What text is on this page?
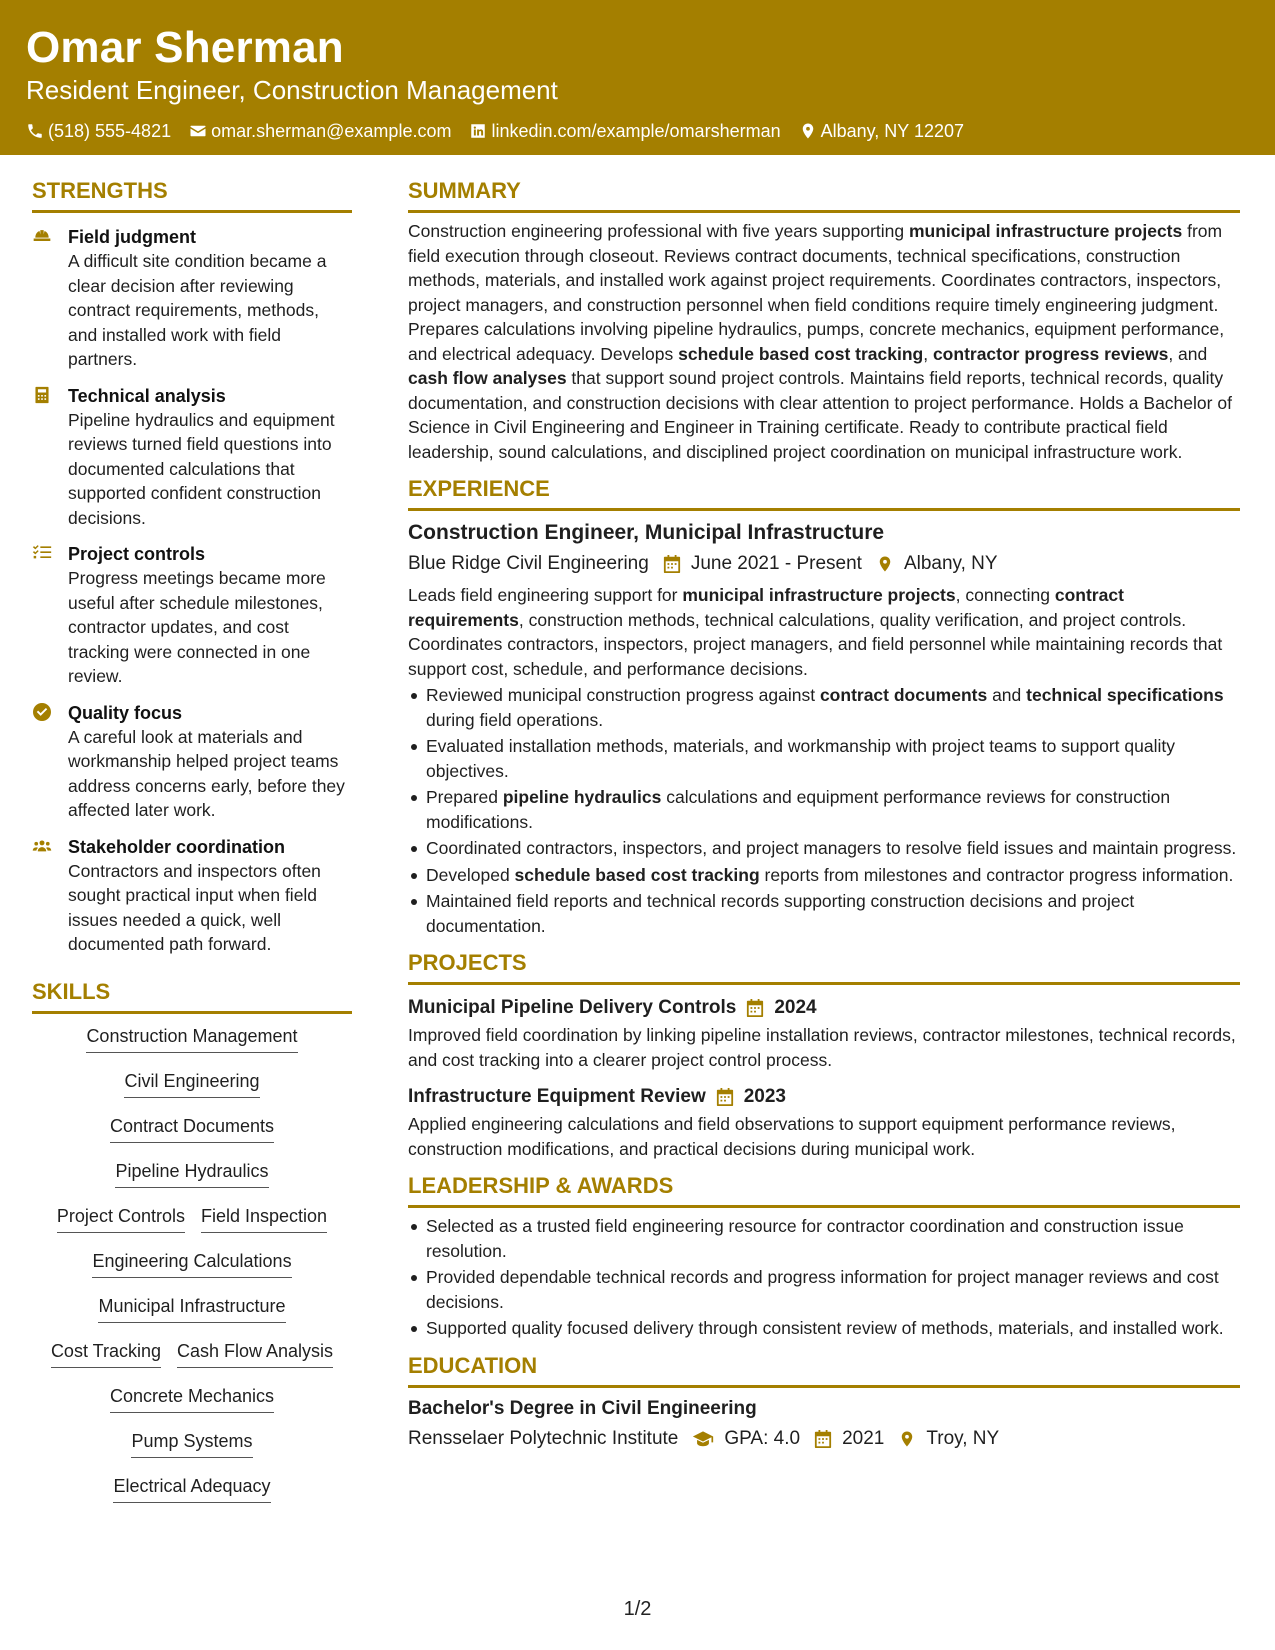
Omar Sherman
Resident Engineer, Construction Management
(518) 555-4821 omar.sherman@example.com linkedin.com/example/omarsherman Albany, NY 12207
STRENGTHS
Field judgment
A difficult site condition became a clear decision after reviewing contract requirements, methods, and installed work with field partners.
Technical analysis
Pipeline hydraulics and equipment reviews turned field questions into documented calculations that supported confident construction decisions.
Project controls
Progress meetings became more useful after schedule milestones, contractor updates, and cost tracking were connected in one review.
Quality focus
A careful look at materials and workmanship helped project teams address concerns early, before they affected later work.
Stakeholder coordination
Contractors and inspectors often sought practical input when field issues needed a quick, well documented path forward.
SKILLS
Construction Management
Civil Engineering
Contract Documents
Pipeline Hydraulics
Project Controls Field Inspection
Engineering Calculations
Municipal Infrastructure
Cost Tracking Cash Flow Analysis
Concrete Mechanics
Pump Systems
Electrical Adequacy
SUMMARY

Construction engineering professional with five years supporting municipal infrastructure projects from field execution through closeout. Reviews contract documents, technical specifications, construction methods, materials, and installed work against project requirements. Coordinates contractors, inspectors, project managers, and construction personnel when field conditions require timely engineering judgment. Prepares calculations involving pipeline hydraulics, pumps, concrete mechanics, equipment performance, and electrical adequacy. Develops schedule based cost tracking, contractor progress reviews, and cash flow analyses that support sound project controls. Maintains field reports, technical records, quality documentation, and construction decisions with clear attention to project performance. Holds a Bachelor of Science in Civil Engineering and Engineer in Training certificate. Ready to contribute practical field leadership, sound calculations, and disciplined project coordination on municipal infrastructure work.

EXPERIENCE
Construction Engineer, Municipal Infrastructure
Blue Ridge Civil Engineering June 2021 - Present Albany, NY

Leads field engineering support for municipal infrastructure projects, connecting contract requirements, construction methods, technical calculations, quality verification, and project controls. Coordinates contractors, inspectors, project managers, and field personnel while maintaining records that support cost, schedule, and performance decisions.

Reviewed municipal construction progress against contract documents and technical specifications during field operations.
Evaluated installation methods, materials, and workmanship with project teams to support quality objectives.
Prepared pipeline hydraulics calculations and equipment performance reviews for construction modifications.
Coordinated contractors, inspectors, and project managers to resolve field issues and maintain progress.
Developed schedule based cost tracking reports from milestones and contractor progress information.
Maintained field reports and technical records supporting construction decisions and project documentation.
PROJECTS
Municipal Pipeline Delivery Controls 2024

Improved field coordination by linking pipeline installation reviews, contractor milestones, technical records, and cost tracking into a clearer project control process.

Infrastructure Equipment Review 2023

Applied engineering calculations and field observations to support equipment performance reviews, construction modifications, and practical decisions during municipal work.

LEADERSHIP & AWARDS
Selected as a trusted field engineering resource for contractor coordination and construction issue resolution.
Provided dependable technical records and progress information for project manager reviews and cost decisions.
Supported quality focused delivery through consistent review of methods, materials, and installed work.
EDUCATION
Bachelor's Degree in Civil Engineering
Rensselaer Polytechnic Institute GPA: 4.0 2021 Troy, NY
1/2
